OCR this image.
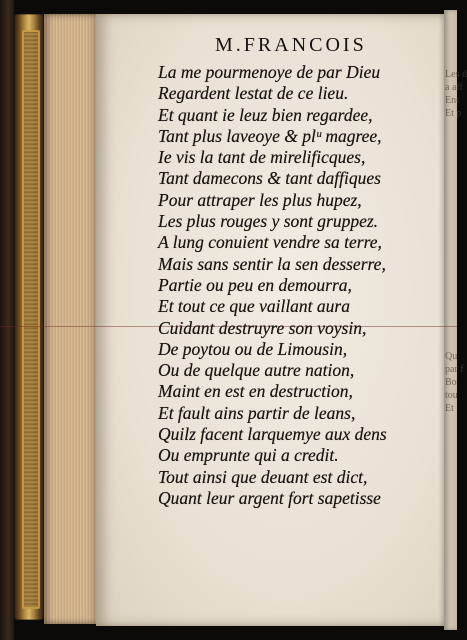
Les d
a aff
Ent
Et p
Qu
par f
Bo
tou
Et
M.FRANCOIS
La me pourmenoye de par Dieu
Regardent lestat de ce lieu.
Et quant ie leuz bien regardee,
Tant plus laveoye & plᵘ magree,
Ie vis la tant de mirelificques,
Tant damecons & tant daffiques
Pour attraper les plus hupez,
Les plus rouges y sont gruppez.
A lung conuient vendre sa terre,
Mais sans sentir la sen desserre,
Partie ou peu en demourra,
Et tout ce que vaillant aura
Cuidant destruyre son voysin,
De poytou ou de Limousin,
Ou de quelque autre nation,
Maint en est en destruction,
Et fault ains partir de leans,
Quilz facent larquemye aux dens
Ou emprunte qui a credit.
Tout ainsi que deuant est dict,
Quant leur argent fort sapetisse
